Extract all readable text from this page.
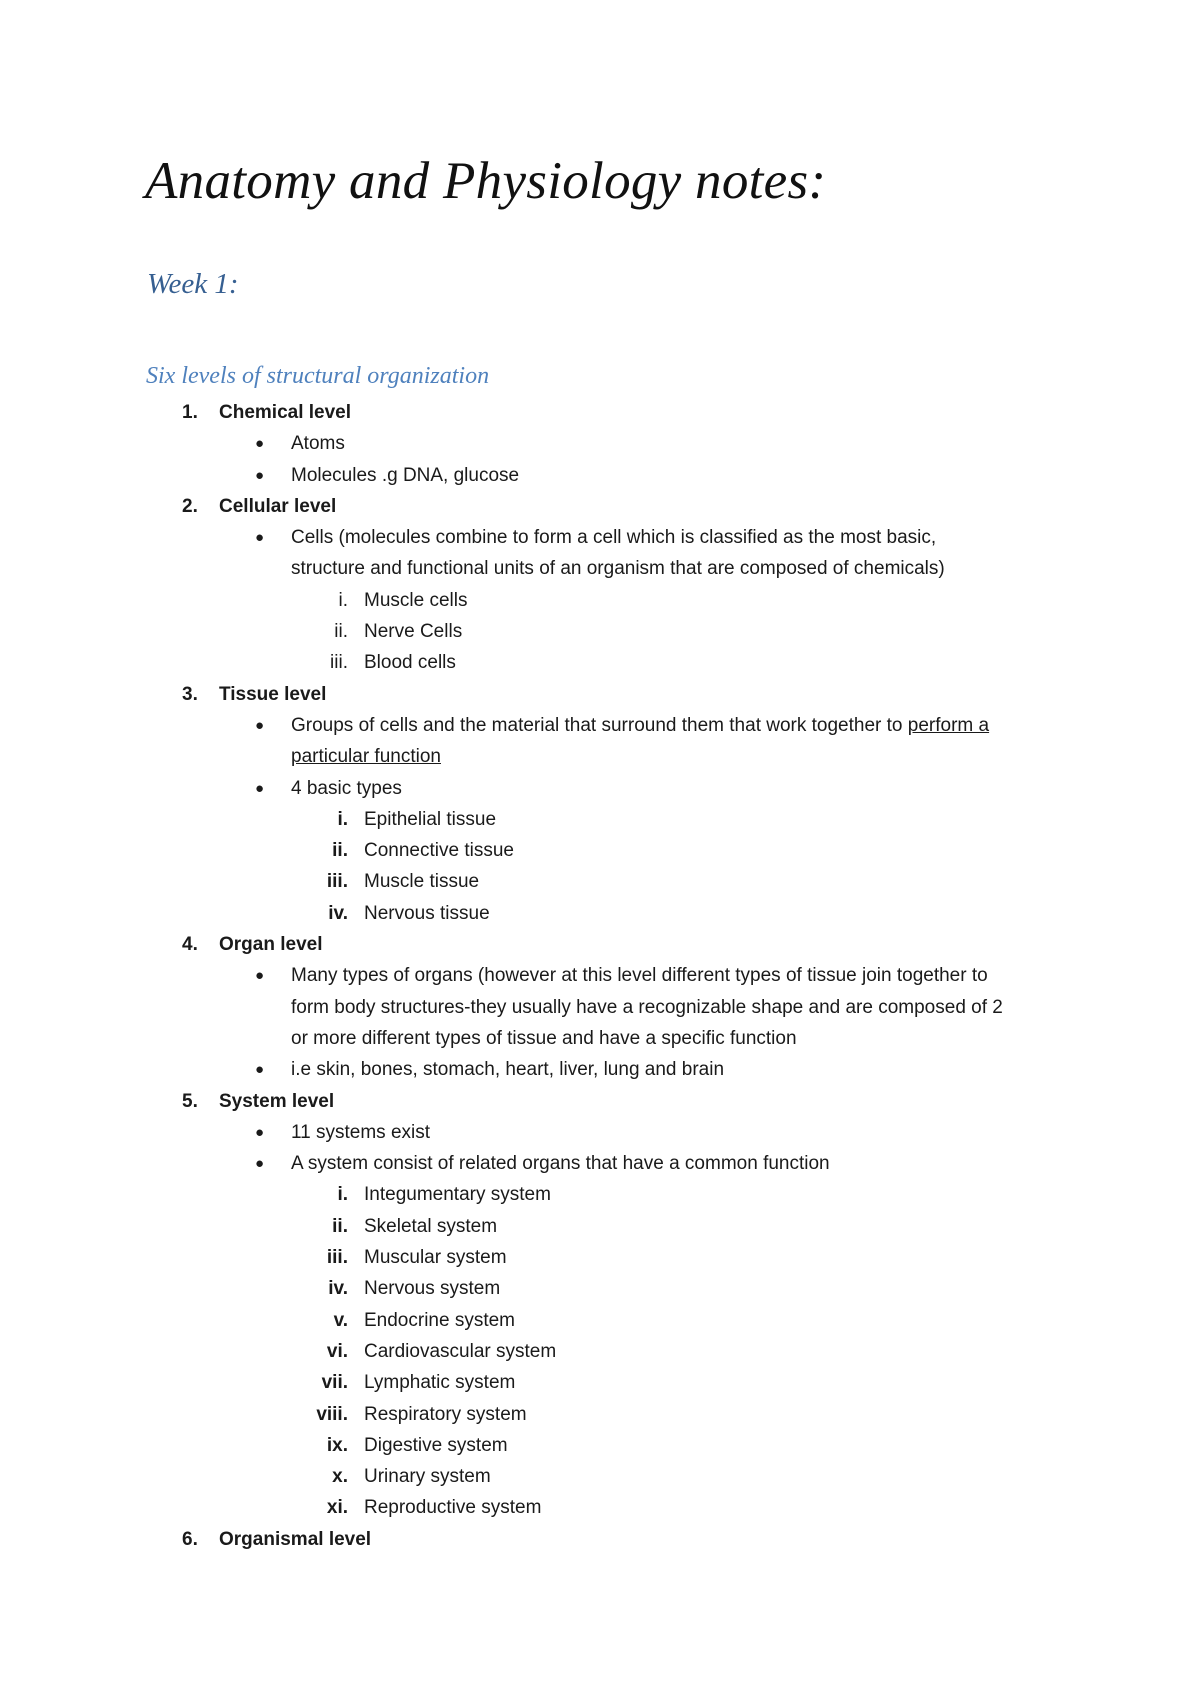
Anatomy and Physiology notes:
Week 1:
Six levels of structural organization
1. Chemical level
● Atoms
● Molecules .g DNA, glucose
2. Cellular level
● Cells (molecules combine to form a cell which is classified as the most basic,
structure and functional units of an organism that are composed of chemicals)
i. Muscle cells
ii. Nerve Cells
iii. Blood cells
3. Tissue level
● Groups of cells and the material that surround them that work together to perform a
particular function
● 4 basic types
i. Epithelial tissue
ii. Connective tissue
iii. Muscle tissue
iv. Nervous tissue
4. Organ level
● Many types of organs (however at this level different types of tissue join together to
form body structures-they usually have a recognizable shape and are composed of 2
or more different types of tissue and have a specific function
● i.e skin, bones, stomach, heart, liver, lung and brain
5. System level
● 11 systems exist
● A system consist of related organs that have a common function
i. Integumentary system
ii. Skeletal system
iii. Muscular system
iv. Nervous system
v. Endocrine system
vi. Cardiovascular system
vii. Lymphatic system
viii. Respiratory system
ix. Digestive system
x. Urinary system
xi. Reproductive system
6. Organismal level
